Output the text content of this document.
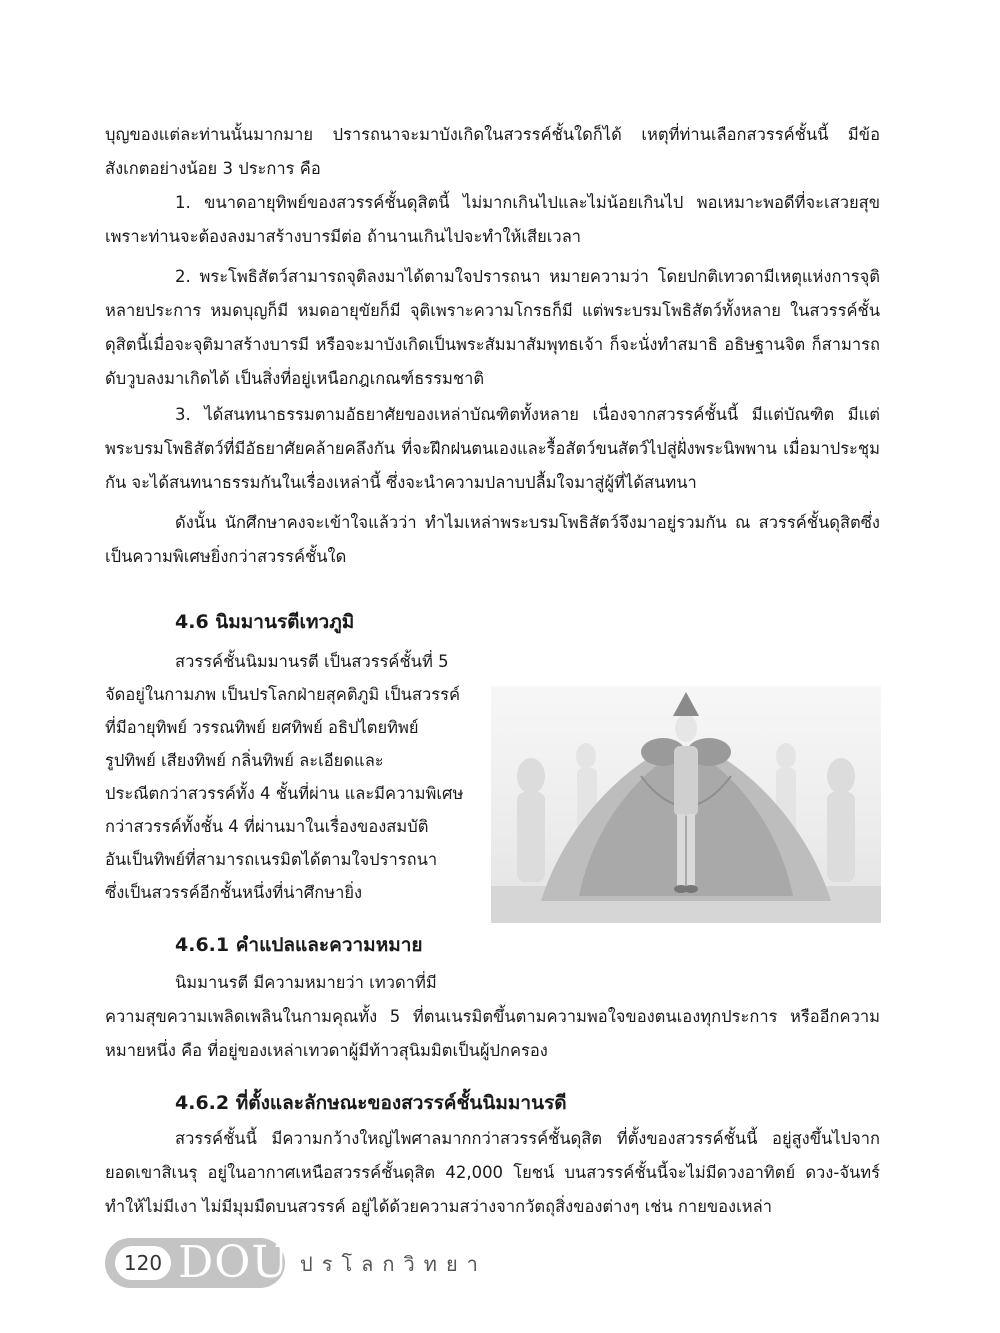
บุญของแต่ละท่านนั้นมากมาย ปรารถนาจะมาบังเกิดในสวรรค์ชั้นใดก็ได้ เหตุที่ท่านเลือกสวรรค์ชั้นนี้ มีข้อสังเกตอย่างน้อย 3 ประการ คือ

1. ขนาดอายุทิพย์ของสวรรค์ชั้นดุสิตนี้ ไม่มากเกินไปและไม่น้อยเกินไป พอเหมาะพอดีที่จะเสวยสุข เพราะท่านจะต้องลงมาสร้างบารมีต่อ ถ้านานเกินไปจะทำให้เสียเวลา

2. พระโพธิสัตว์สามารถจุติลงมาได้ตามใจปรารถนา หมายความว่า โดยปกติเทวดามีเหตุแห่งการจุติหลายประการ หมดบุญก็มี หมดอายุขัยก็มี จุติเพราะความโกรธก็มี แต่พระบรมโพธิสัตว์ทั้งหลาย ในสวรรค์ชั้นดุสิตนี้เมื่อจะจุติมาสร้างบารมี หรือจะมาบังเกิดเป็นพระสัมมาสัมพุทธเจ้า ก็จะนั่งทำสมาธิ อธิษฐานจิต ก็สามารถดับวูบลงมาเกิดได้ เป็นสิ่งที่อยู่เหนือกฎเกณฑ์ธรรมชาติ

3. ได้สนทนาธรรมตามอัธยาศัยของเหล่าบัณฑิตทั้งหลาย เนื่องจากสวรรค์ชั้นนี้ มีแต่บัณฑิต มีแต่พระบรมโพธิสัตว์ที่มีอัธยาศัยคล้ายคลึงกัน ที่จะฝึกฝนตนเองและรื้อสัตว์ขนสัตว์ไปสู่ฝั่งพระนิพพาน เมื่อมาประชุมกัน จะได้สนทนาธรรมกันในเรื่องเหล่านี้ ซึ่งจะนำความปลาบปลื้มใจมาสู่ผู้ที่ได้สนทนา

ดังนั้น นักศึกษาคงจะเข้าใจแล้วว่า ทำไมเหล่าพระบรมโพธิสัตว์จึงมาอยู่รวมกัน ณ สวรรค์ชั้นดุสิตซึ่งเป็นความพิเศษยิ่งกว่าสวรรค์ชั้นใด

4.6 นิมมานรตีเทวภูมิ

สวรรค์ชั้นนิมมานรตี เป็นสวรรค์ชั้นที่ 5

จัดอยู่ในกามภพ เป็นปรโลกฝ่ายสุคติภูมิ เป็นสวรรค์

ที่มีอายุทิพย์ วรรณทิพย์ ยศทิพย์ อธิปไตยทิพย์

รูปทิพย์ เสียงทิพย์ กลิ่นทิพย์ ละเอียดและ

ประณีตกว่าสวรรค์ทั้ง 4 ชั้นที่ผ่าน และมีความพิเศษ

กว่าสวรรค์ทั้งชั้น 4 ที่ผ่านมาในเรื่องของสมบัติ

อันเป็นทิพย์ที่สามารถเนรมิตได้ตามใจปรารถนา

ซึ่งเป็นสวรรค์อีกชั้นหนึ่งที่น่าศึกษายิ่ง

4.6.1 คำแปลและความหมาย

นิมมานรตี มีความหมายว่า เทวดาที่มี

ความสุขความเพลิดเพลินในกามคุณทั้ง 5 ที่ตนเนรมิตขึ้นตามความพอใจของตนเองทุกประการ หรืออีกความหมายหนึ่ง คือ ที่อยู่ของเหล่าเทวดาผู้มีท้าวสุนิมมิตเป็นผู้ปกครอง

4.6.2 ที่ตั้งและลักษณะของสวรรค์ชั้นนิมมานรดี

สวรรค์ชั้นนี้ มีความกว้างใหญ่ไพศาลมากกว่าสวรรค์ชั้นดุสิต ที่ตั้งของสวรรค์ชั้นนี้ อยู่สูงขึ้นไปจากยอดเขาสิเนรุ อยู่ในอากาศเหนือสวรรค์ชั้นดุสิต 42,000 โยชน์ บนสวรรค์ชั้นนี้จะไม่มีดวงอาทิตย์ ดวง-จันทร์ ทำให้ไม่มีเงา ไม่มีมุมมืดบนสวรรค์ อยู่ได้ด้วยความสว่างจากวัตถุสิ่งของต่างๆ เช่น กายของเหล่า

120 DOU ปรโลกวิทยา
